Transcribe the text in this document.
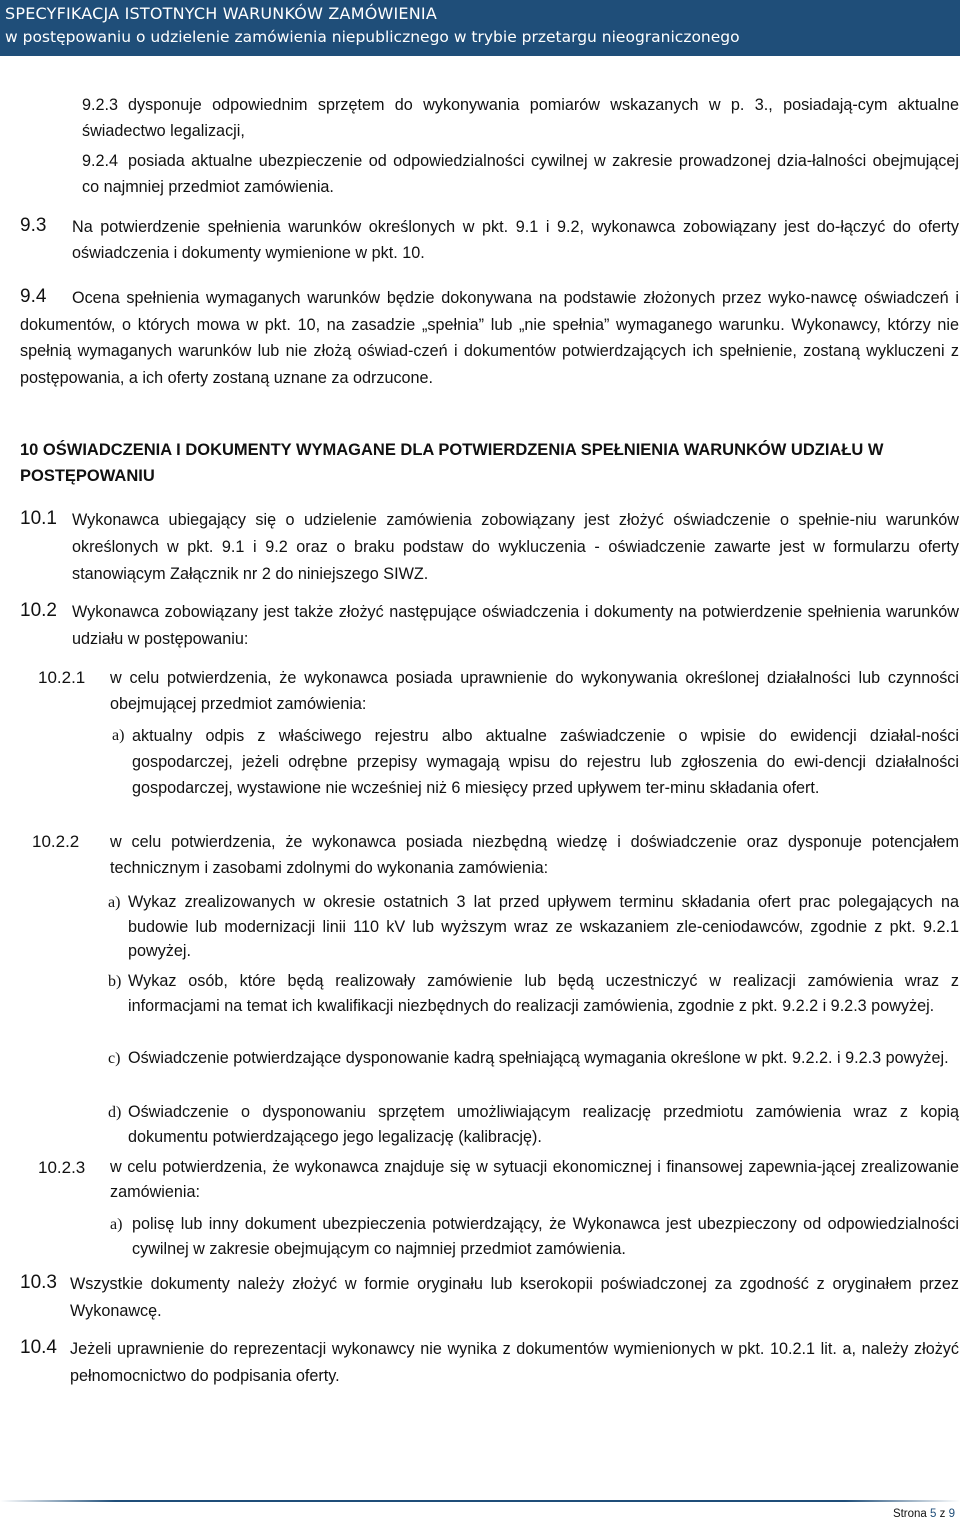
SPECYFIKACJA ISTOTNYCH WARUNKÓW ZAMÓWIENIA
w postępowaniu o udzielenie zamówienia niepublicznego w trybie przetargu nieograniczonego
9.2.3 dysponuje odpowiednim sprzętem do wykonywania pomiarów wskazanych w p. 3., posiadają-cym aktualne świadectwo legalizacji,
9.2.4 posiada aktualne ubezpieczenie od odpowiedzialności cywilnej w zakresie prowadzonej dzia-łalności obejmującej co najmniej przedmiot zamówienia.
9.3 Na potwierdzenie spełnienia warunków określonych w pkt. 9.1 i 9.2, wykonawca zobowiązany jest do-łączyć do oferty oświadczenia i dokumenty wymienione w pkt. 10.
9.4	Ocena spełnienia wymaganych warunków będzie dokonywana na podstawie złożonych przez wyko-nawcę oświadczeń i dokumentów, o których mowa w pkt. 10, na zasadzie „spełnia” lub „nie spełnia” wymaganego warunku. Wykonawcy, którzy nie spełnią wymaganych warunków lub nie złożą oświad-czeń i dokumentów potwierdzających ich spełnienie, zostaną wykluczeni z postępowania, a ich oferty zostaną uznane za odrzucone.
10 OŚWIADCZENIA I DOKUMENTY WYMAGANE DLA POTWIERDZENIA SPEŁNIENIA WARUNKÓW UDZIAŁU W POSTĘPOWANIU
10.1 Wykonawca ubiegający się o udzielenie zamówienia zobowiązany jest złożyć oświadczenie o spełnie-niu warunków określonych w pkt. 9.1 i 9.2 oraz o braku podstaw do wykluczenia - oświadczenie zawarte jest w formularzu oferty stanowiącym Załącznik nr 2 do niniejszego SIWZ.
10.2 Wykonawca zobowiązany jest także złożyć następujące oświadczenia i dokumenty na potwierdzenie spełnienia warunków udziału w postępowaniu:
10.2.1 w celu potwierdzenia, że wykonawca posiada uprawnienie do wykonywania określonej działalności lub czynności obejmującej przedmiot zamówienia:
a) aktualny odpis z właściwego rejestru albo aktualne zaświadczenie o wpisie do ewidencji działal-ności gospodarczej, jeżeli odrębne przepisy wymagają wpisu do rejestru lub zgłoszenia do ewi-dencji działalności gospodarczej, wystawione nie wcześniej niż 6 miesięcy przed upływem ter-minu składania ofert.
10.2.2 w celu potwierdzenia, że wykonawca posiada niezbędną wiedzę i doświadczenie oraz dysponuje potencjałem technicznym i zasobami zdolnymi do wykonania zamówienia:
a) Wykaz zrealizowanych w okresie ostatnich 3 lat przed upływem terminu składania ofert prac polegających na budowie lub modernizacji linii 110 kV lub wyższym wraz ze wskazaniem zle-ceniodawców, zgodnie z pkt. 9.2.1 powyżej.
b) Wykaz osób, które będą realizowały zamówienie lub będą uczestniczyć w realizacji zamówienia wraz z informacjami na temat ich kwalifikacji niezbędnych do realizacji zamówienia, zgodnie z pkt. 9.2.2 i 9.2.3 powyżej.
c) Oświadczenie potwierdzające dysponowanie kadrą spełniającą wymagania określone w pkt. 9.2.2. i 9.2.3 powyżej.
d) Oświadczenie o dysponowaniu sprzętem umożliwiającym realizację przedmiotu zamówienia wraz z kopią dokumentu potwierdzającego jego legalizację (kalibrację).
10.2.3 w celu potwierdzenia, że wykonawca znajduje się w sytuacji ekonomicznej i finansowej zapewnia-jącej zrealizowanie zamówienia:
a) polisę lub inny dokument ubezpieczenia potwierdzający, że Wykonawca jest ubezpieczony od odpowiedzialności cywilnej w zakresie obejmującym co najmniej przedmiot zamówienia.
10.3 Wszystkie dokumenty należy złożyć w formie oryginału lub kserokopii poświadczonej za zgodność z oryginałem przez Wykonawcę.
10.4 Jeżeli uprawnienie do reprezentacji wykonawcy nie wynika z dokumentów wymienionych w pkt. 10.2.1 lit. a, należy złożyć pełnomocnictwo do podpisania oferty.
Strona 5 z 9
